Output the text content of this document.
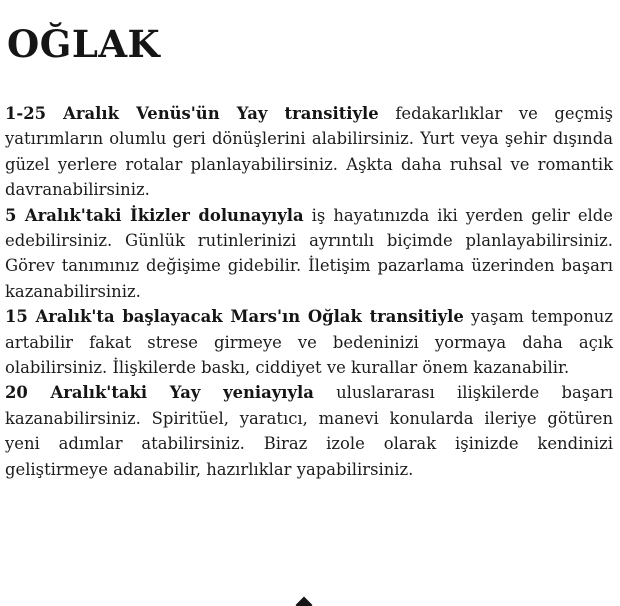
OĞLAK

1-25 Aralık Venüs'ün Yay transitiyle fedakarlıklar ve geçmiş yatırımların olumlu geri dönüşlerini alabilirsiniz. Yurt veya şehir dışında güzel yerlere rotalar planlayabilirsiniz. Aşkta daha ruhsal ve romantik davranabilirsiniz.

5 Aralık'taki İkizler dolunayıyla iş hayatınızda iki yerden gelir elde edebilirsiniz. Günlük rutinlerinizi ayrıntılı biçimde planlayabilirsiniz. Görev tanımınız değişime gidebilir. İletişim pazarlama üzerinden başarı kazanabilirsiniz.

15 Aralık'ta başlayacak Mars'ın Oğlak transitiyle yaşam temponuz artabilir fakat strese girmeye ve bedeninizi yormaya daha açık olabilirsiniz. İlişkilerde baskı, ciddiyet ve kurallar önem kazanabilir.

20 Aralık'taki Yay yeniayıyla uluslararası ilişkilerde başarı kazanabilirsiniz. Spiritüel, yaratıcı, manevi konularda ileriye götüren yeni adımlar atabilirsiniz. Biraz izole olarak işinizde kendinizi geliştirmeye adanabilir, hazırlıklar yapabilirsiniz.
